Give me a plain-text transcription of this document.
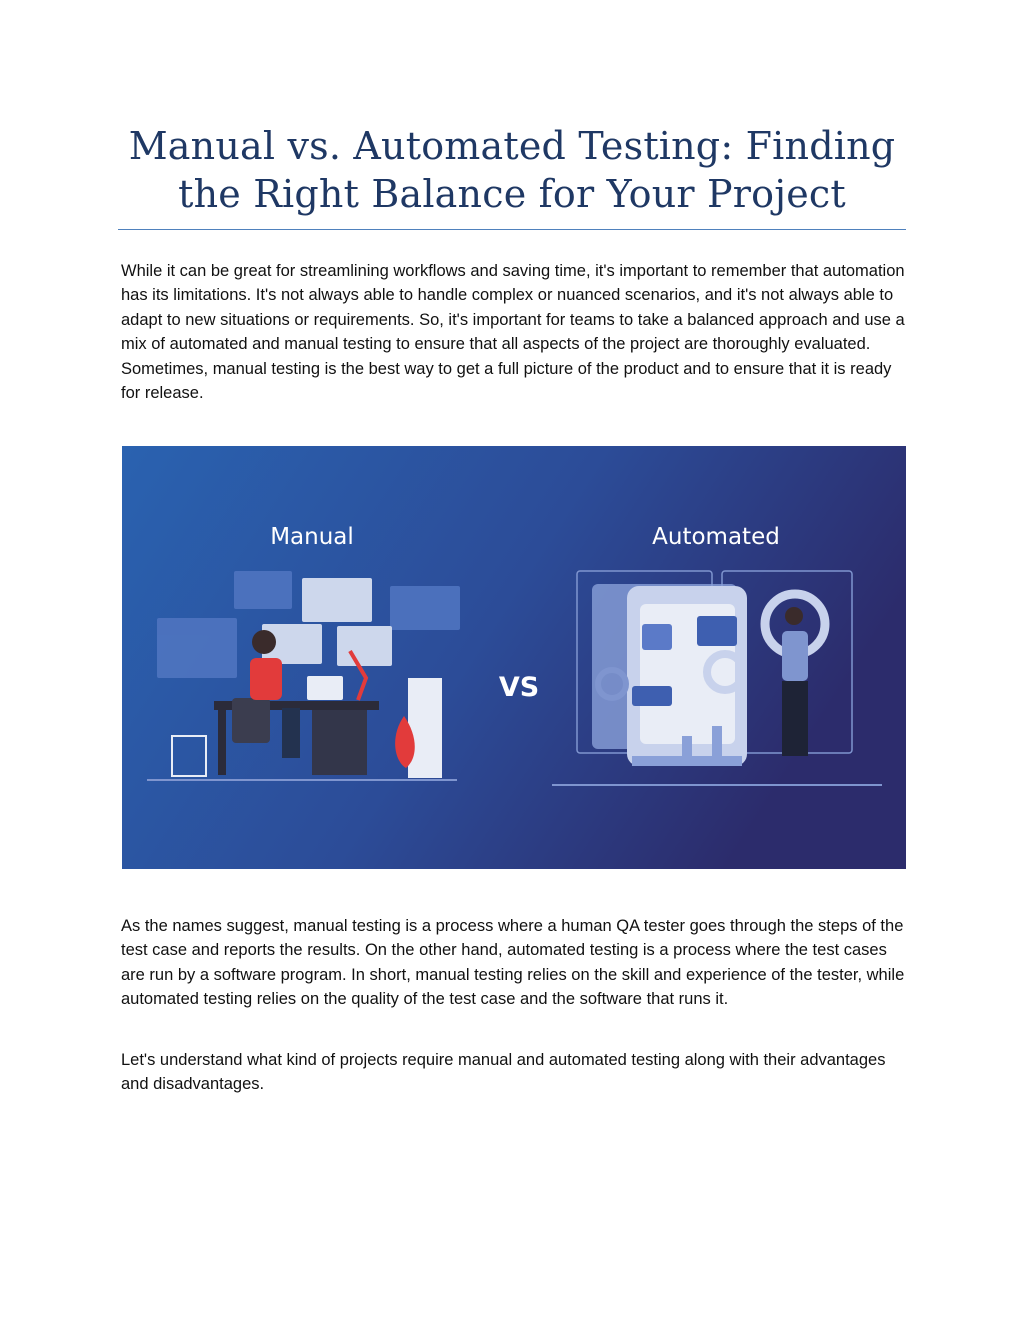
Manual vs. Automated Testing: Finding the Right Balance for Your Project

While it can be great for streamlining workflows and saving time, it's important to remember that automation has its limitations. It's not always able to handle complex or nuanced scenarios, and it's not always able to adapt to new situations or requirements. So, it's important for teams to take a balanced approach and use a mix of automated and manual testing to ensure that all aspects of the project are thoroughly evaluated. Sometimes, manual testing is the best way to get a full picture of the product and to ensure that it is ready for release.

Manual	Automated
VS

As the names suggest, manual testing is a process where a human QA tester goes through the steps of the test case and reports the results. On the other hand, automated testing is a process where the test cases are run by a software program. In short, manual testing relies on the skill and experience of the tester, while automated testing relies on the quality of the test case and the software that runs it.

Let's understand what kind of projects require manual and automated testing along with their advantages and disadvantages.
